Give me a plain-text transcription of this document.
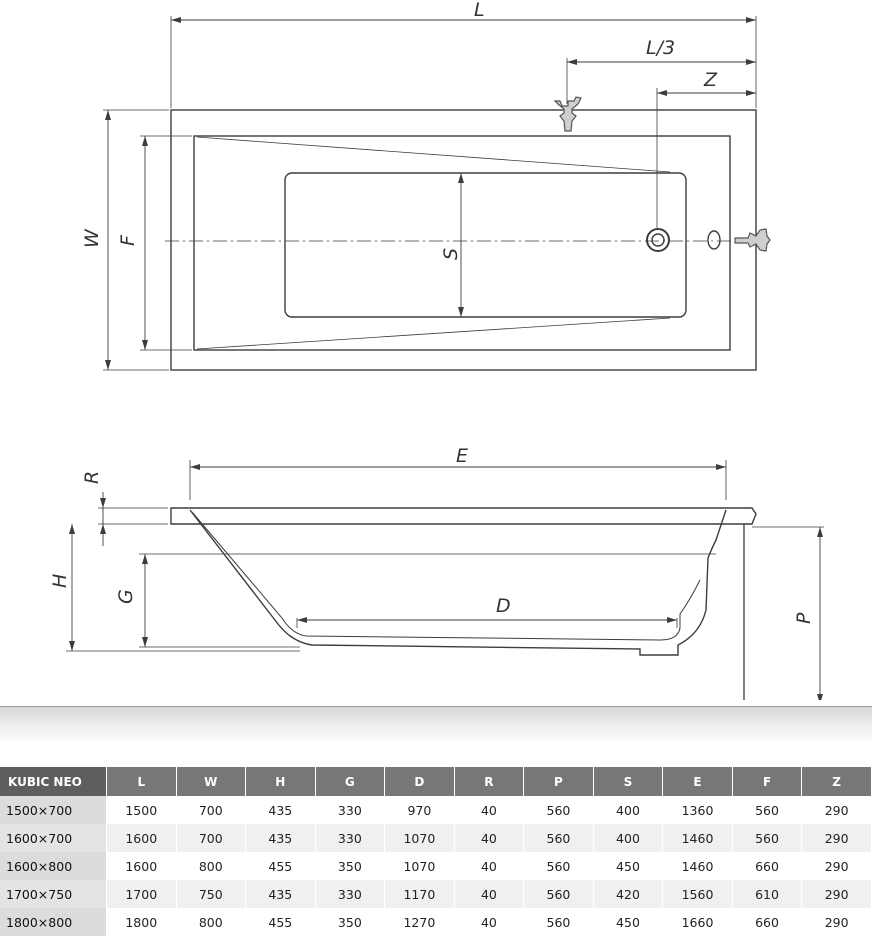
L
L/3
Z
W F
S
E
R
H
G	D
P
KUBIC NEO	L	W	H	G	D	R	P	S	E	F	Z
1500×700	1500	700	435	330	970	40	560	400	1360	560	290
1600×700	1600	700	435	330	1070	40	560	400	1460	560	290
1600×800	1600	800	455	350	1070	40	560	450	1460	660	290
1700×750	1700	750	435	330	1170	40	560	420	1560	610	290
1800×800	1800	800	455	350	1270	40	560	450	1660	660	290
